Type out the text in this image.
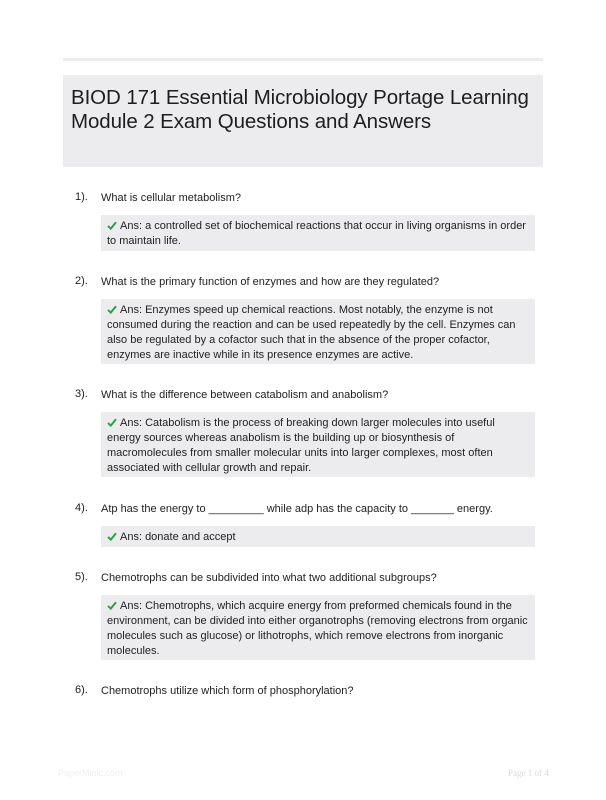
BIOD 171 Essential Microbiology Portage Learning Module 2 Exam Questions and Answers
1). What is cellular metabolism?
Ans: a controlled set of biochemical reactions that occur in living organisms in order to maintain life.
2). What is the primary function of enzymes and how are they regulated?
Ans: Enzymes speed up chemical reactions. Most notably, the enzyme is not consumed during the reaction and can be used repeatedly by the cell. Enzymes can also be regulated by a cofactor such that in the absence of the proper cofactor, enzymes are inactive while in its presence enzymes are active.
3). What is the difference between catabolism and anabolism?
Ans: Catabolism is the process of breaking down larger molecules into useful energy sources whereas anabolism is the building up or biosynthesis of macromolecules from smaller molecular units into larger complexes, most often associated with cellular growth and repair.
4). Atp has the energy to _________ while adp has the capacity to _______ energy.
Ans: donate and accept
5). Chemotrophs can be subdivided into what two additional subgroups?
Ans: Chemotrophs, which acquire energy from preformed chemicals found in the environment, can be divided into either organotrophs (removing electrons from organic molecules such as glucose) or lithotrophs, which remove electrons from inorganic molecules.
6). Chemotrophs utilize which form of phosphorylation?
PaperMinic.com	Page 1 of 4
